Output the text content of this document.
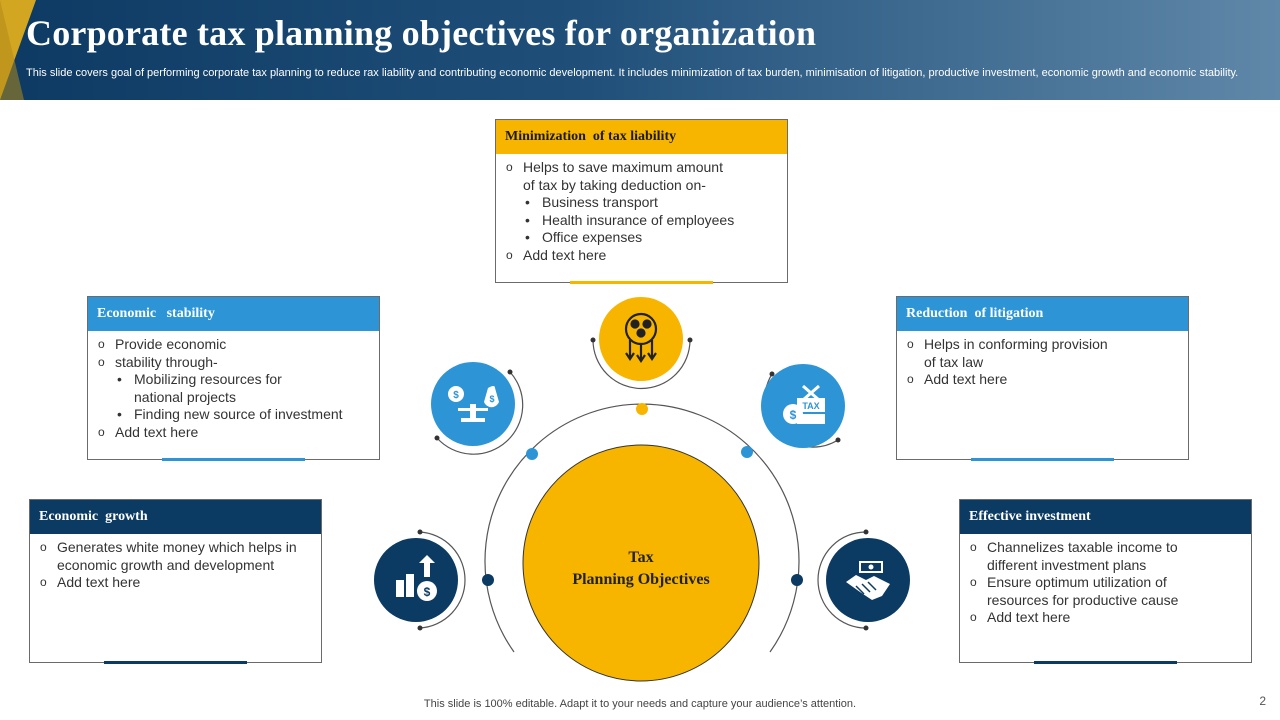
Corporate tax planning objectives for organization

This slide covers goal of performing corporate tax planning to reduce rax liability and contributing economic development. It includes minimization of tax burden, minimisation of litigation, productive investment, economic growth and economic stability.

Tax
Planning Objectives
$	$
TAX
$
$
Minimization  of tax liability
o Helps to save maximum amount
of tax by taking deduction on-
• Business transport
• Health insurance of employees
• Office expenses
o Add text here
Economic   stability
o Provide economic
o stability through-
• Mobilizing resources for
national projects
• Finding new source of investment
o Add text here
Reduction  of litigation
o Helps in conforming provision
of tax law
o Add text here
Economic  growth
o Generates white money which helps in
economic growth and development
o Add text here
Effective investment
o Channelizes taxable income to
different investment plans
o Ensure optimum utilization of
resources for productive cause
o Add text here
This slide is 100% editable. Adapt it to your needs and capture your audience’s attention.	2
